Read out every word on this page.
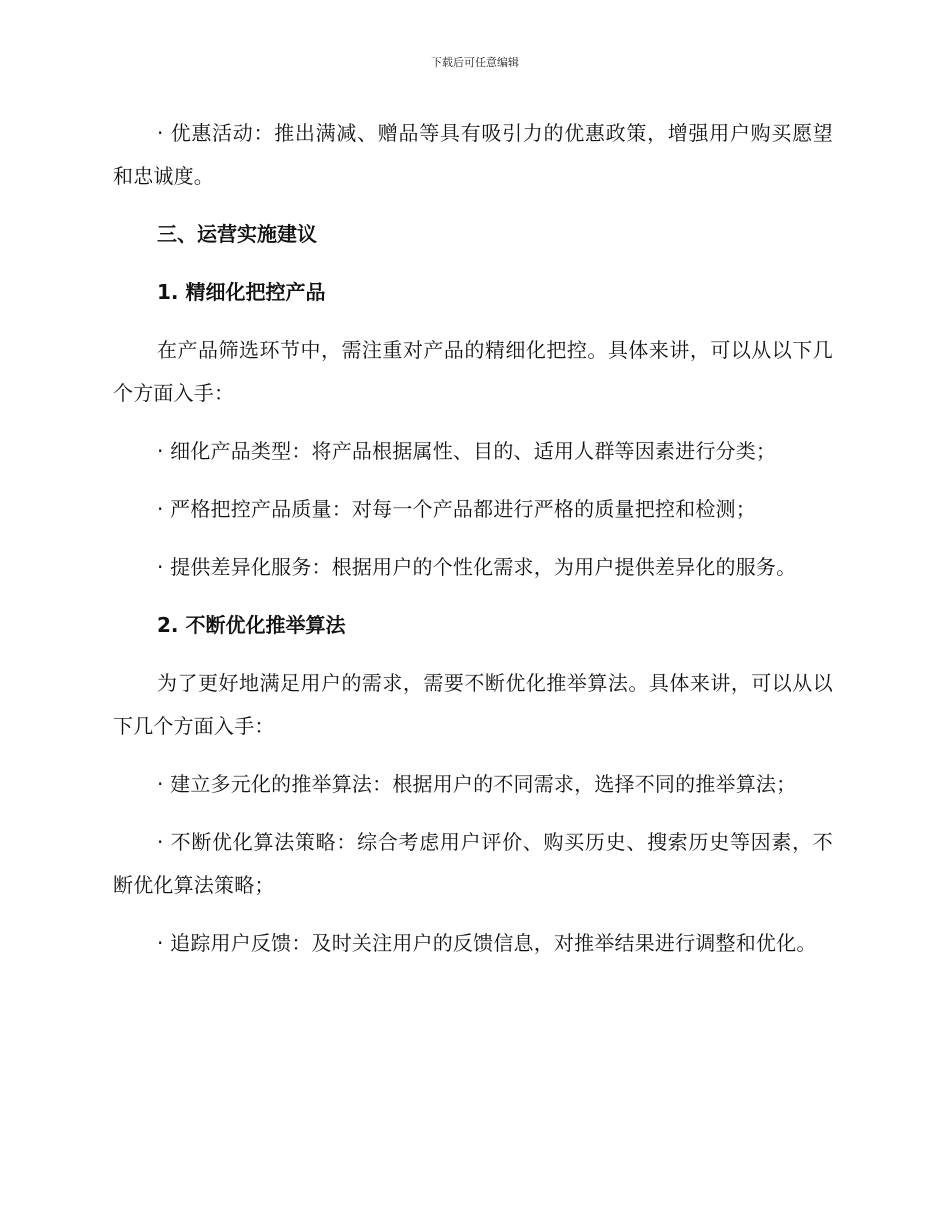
下载后可任意编辑
· 优惠活动：推出满减、赠品等具有吸引力的优惠政策，增强用户购买愿望和忠诚度。
三、运营实施建议
1. 精细化把控产品
在产品筛选环节中，需注重对产品的精细化把控。具体来讲，可以从以下几个方面入手：
· 细化产品类型：将产品根据属性、目的、适用人群等因素进行分类；
· 严格把控产品质量：对每一个产品都进行严格的质量把控和检测；
· 提供差异化服务：根据用户的个性化需求，为用户提供差异化的服务。
2. 不断优化推举算法
为了更好地满足用户的需求，需要不断优化推举算法。具体来讲，可以从以下几个方面入手：
· 建立多元化的推举算法：根据用户的不同需求，选择不同的推举算法；
· 不断优化算法策略：综合考虑用户评价、购买历史、搜索历史等因素，不断优化算法策略；
· 追踪用户反馈：及时关注用户的反馈信息，对推举结果进行调整和优化。
